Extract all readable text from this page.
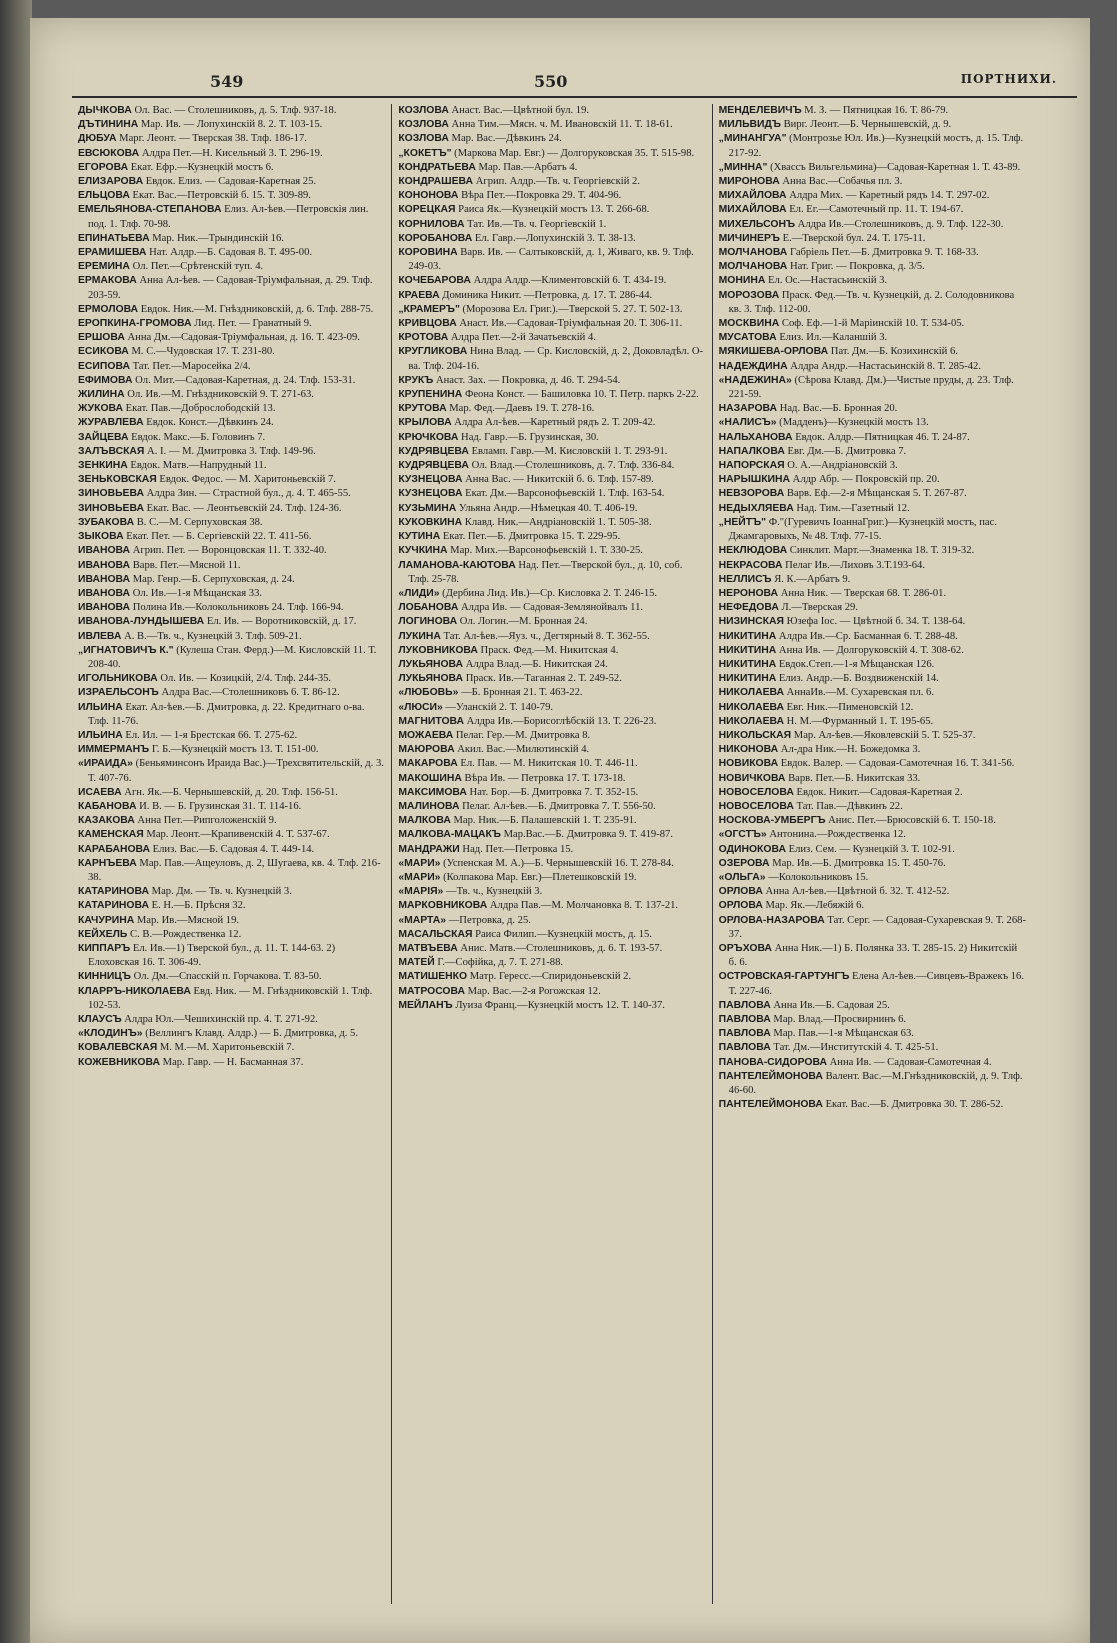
549	550	ПОРТНИХИ.

ДЫЧКОВА Ол. Вас. — Столешниковъ, д. 5. Тлф. 937-18.

ДЪТИНИНА Мар. Ив. — Лопухинскій 8. 2. Т. 103-15.

ДЮБУА Марг. Леонт. — Тверская 38. Тлф. 186-17.

ЕВСЮКОВА Алдра Пет.—Н. Кисельный 3. Т. 296-19.

ЕГОРОВА Екат. Ефр.—Кузнецкій мостъ 6.

ЕЛИЗАРОВА Евдок. Елиз. — Садовая-Каретная 25.

ЕЛЬЦОВА Екат. Вас.—Петровскій б. 15. Т. 309-89.

ЕМЕЛЬЯНОВА-СТЕПАНОВА Елиз. Ал-ѣев.—Петровскія лин. под. 1. Тлф. 70-98.

ЕПИНАТЬЕВА Мар. Ник.—Трындинскій 16.

ЕРАМИШЕВА Нат. Алдр.—Б. Садовая 8. Т. 495-00.

ЕРЕМИНА Ол. Пет.—Срѣтенскій туп. 4.

ЕРМАКОВА Анна Ал-ѣев. — Садовая-Тріумфальная, д. 29. Тлф. 203-59.

ЕРМОЛОВА Евдок. Ник.—М. Гнѣздниковскій, д. 6. Тлф. 288-75.

ЕРОПКИНА-ГРОМОВА Лид. Пет. — Гранатный 9.

ЕРШОВА Анна Дм.—Садовая-Тріумфальная, д. 16. Т. 423-09.

ЕСИКОВА М. С.—Чудовская 17. Т. 231-80.

ЕСИПОВА Тат. Пет.—Маросейка 2/4.

ЕФИМОВА Ол. Мит.—Садовая-Каретная, д. 24. Тлф. 153-31.

ЖИЛИНА Ол. Ив.—М. Гнѣздниковскій 9. Т. 271-63.

ЖУКОВА Екат. Пав.—Доброслободскій 13.

ЖУРАВЛЕВА Евдок. Конст.—Дѣвкинъ 24.

ЗАЙЦЕВА Евдок. Макс.—Б. Головинъ 7.

ЗАЛЪВСКАЯ А. І. — М. Дмитровка 3. Тлф. 149-96.

ЗЕНКИНА Евдок. Матв.—Напрудный 11.

ЗЕНЬКОВСКАЯ Евдок. Федос. — М. Харитоньевскій 7.

ЗИНОВЬЕВА Алдра Зин. — Страстной бул., д. 4. Т. 465-55.

ЗИНОВЬЕВА Екат. Вас. — Леонтьевскій 24. Тлф. 124-36.

ЗУБАКОВА В. С.—М. Серпуховская 38.

ЗЫКОВА Екат. Пет. — Б. Сергіевскій 22. Т. 411-56.

ИВАНОВА Агрип. Пет. — Воронцовская 11. Т. 332-40.

ИВАНОВА Варв. Пет.—Мясной 11.

ИВАНОВА Мар. Генр.—Б. Серпуховская, д. 24.

ИВАНОВА Ол. Ив.—1-я Мѣщанская 33.

ИВАНОВА Полина Ив.—Колокольниковъ 24. Тлф. 166-94.

ИВАНОВА-ЛУНДЫШЕВА Ел. Ив. — Воротниковскій, д. 17.

ИВЛЕВА А. В.—Тв. ч., Кузнецкій 3. Тлф. 509-21.

„ИГНАТОВИЧЪ К." (Кулеша Стан. Ферд.)—М. Кисловскій 11. Т. 208-40.

ИГОЛЬНИКОВА Ол. Ив. — Козицкій, 2/4. Тлф. 244-35.

ИЗРАЕЛЬСОНЪ Алдра Вас.—Столешниковъ 6. Т. 86-12.

ИЛЬИНА Екат. Ал-ѣев.—Б. Дмитровка, д. 22. Кредитнаго о-ва. Тлф. 11-76.

ИЛЬИНА Ел. Ил. — 1-я Брестская 66. Т. 275-62.

ИММЕРМАНЪ Г. Б.—Кузнецкій мостъ 13. Т. 151-00.

«ИРАИДА» (Беньяминсонъ Ираида Вас.)—Трехсвятительскій, д. 3. Т. 407-76.

ИСАЕВА Агн. Як.—Б. Чернышевскій, д. 20. Тлф. 156-51.

КАБАНОВА И. В. — Б. Грузинская 31. Т. 114-16.

КАЗАКОВА Анна Пет.—Рипголоженскій 9.

КАМЕНСКАЯ Мар. Леонт.—Крапивенскій 4. Т. 537-67.

КАРАБАНОВА Елиз. Вас.—Б. Садовая 4. Т. 449-14.

КАРНЪЕВА Мар. Пав.—Ащеуловъ, д. 2, Шугаева, кв. 4. Тлф. 216-38.

КАТАРИНОВА Мар. Дм. — Тв. ч. Кузнецкій 3.

КАТАРИНОВА Е. Н.—Б. Прѣсня 32.

КАЧУРИНА Мар. Ив.—Мясной 19.

КЕЙХЕЛЬ С. В.—Рождественка 12.

КИППАРЪ Ел. Ив.—1) Тверской бул., д. 11. Т. 144-63. 2) Елоховская 16. Т. 306-49.

КИННИЦЪ Ол. Дм.—Спасскій п. Горчакова. Т. 83-50.

КЛАРРЪ-НИКОЛАЕВА Евд. Ник. — М. Гнѣздниковскій 1. Тлф. 102-53.

КЛАУСЪ Алдра Юл.—Чешихинскій пр. 4. Т. 271-92.

«КЛОДИНЪ» (Веллингъ Клавд. Алдр.) — Б. Дмитровка, д. 5.

КОВАЛЕВСКАЯ М. М.—М. Харитоньевскій 7.

КОЖЕВНИКОВА Мар. Гавр. — Н. Басманная 37.

КОЗЛОВА Анаст. Вас.—Цвѣтной бул. 19.

КОЗЛОВА Анна Тим.—Мясн. ч. М. Ивановскій 11. Т. 18-61.

КОЗЛОВА Мар. Вас.—Дѣвкинъ 24.

„КОКЕТЪ" (Маркова Мар. Евг.) — Долгоруковская 35. Т. 515-98.

КОНДРАТЬЕВА Мар. Пав.—Арбатъ 4.

КОНДРАШЕВА Агрип. Алдр.—Тв. ч. Георгіевскій 2.

КОНОНОВА Вѣра Пет.—Покровка 29. Т. 404-96.

КОРЕЦКАЯ Раиса Як.—Кузнецкій мостъ 13. Т. 266-68.

КОРНИЛОВА Тат. Ив.—Тв. ч. Георгіевскій 1.

КОРОБАНОВА Ел. Гавр.—Лопухинскій 3. Т. 38-13.

КОРОВИНА Варв. Ив. — Салтыковскій, д. 1, Живаго, кв. 9. Тлф. 249-03.

КОЧЕБАРОВА Алдра Алдр.—Климентовскій 6. Т. 434-19.

КРАЕВА Доминика Никит. —Петровка, д. 17. Т. 286-44.

„КРАМЕРЪ" (Морозова Ел. Григ.).—Тверской 5. 27. Т. 502-13.

КРИВЦОВА Анаст. Ив.—Садовая-Тріумфальная 20. Т. 306-11.

КРОТОВА Алдра Пет.—2-й Зачатьевскій 4.

КРУГЛИКОВА Нина Влад. — Ср. Кисловскій, д. 2, Доковладѣл. О-ва. Тлф. 204-16.

КРУКЪ Анаст. Зах. — Покровка, д. 46. Т. 294-54.

КРУПЕНИНА Феона Конст. — Башиловка 10. Т. Петр. паркъ 2-22.

КРУТОВА Мар. Фед.—Даевъ 19. Т. 278-16.

КРЫЛОВА Алдра Ал-ѣев.—Каретный рядъ 2. Т. 209-42.

КРЮЧКОВА Над. Гавр.—Б. Грузинская, 30.

КУДРЯВЦЕВА Евламп. Гавр.—М. Кисловскій 1. Т. 293-91.

КУДРЯВЦЕВА Ол. Влад.—Столешниковъ, д. 7. Тлф. 336-84.

КУЗНЕЦОВА Анна Вас. — Никитскій б. 6. Тлф. 157-89.

КУЗНЕЦОВА Екат. Дм.—Варсонофьевскій 1. Тлф. 163-54.

КУЗЬМИНА Ульяна Андр.—Нѣмецкая 40. Т. 406-19.

КУКОВКИНА Клавд. Ник.—Андріановскій 1. Т. 505-38.

КУТИНА Екат. Пет.—Б. Дмитровка 15. Т. 229-95.

КУЧКИНА Мар. Мих.—Варсонофьевскій 1. Т. 330-25.

ЛАМАНОВА-КАЮТОВА Над. Пет.—Тверской бул., д. 10, соб. Тлф. 25-78.

«ЛИДИ» (Дербина Лид. Ив.)—Ср. Кисловка 2. Т. 246-15.

ЛОБАНОВА Алдра Ив. — Садовая-Землянойвалъ 11.

ЛОГИНОВА Ол. Логин.—М. Бронная 24.

ЛУКИНА Тат. Ал-ѣев.—Яуз. ч., Дегтярный 8. Т. 362-55.

ЛУКОВНИКОВА Праск. Фед.—М. Никитская 4.

ЛУКЬЯНОВА Алдра Влад.—Б. Никитская 24.

ЛУКЬЯНОВА Праск. Ив.—Таганная 2. Т. 249-52.

«ЛЮБОВЬ» —Б. Бронная 21. Т. 463-22.

«ЛЮСИ» —Уланскій 2. Т. 140-79.

МАГНИТОВА Алдра Ив.—Борисоглѣбскій 13. Т. 226-23.

МОЖАЕВА Пелаг. Гер.—М. Дмитровка 8.

МАЮРОВА Акил. Вас.—Милютинскій 4.

МАКАРОВА Ел. Пав. — М. Никитская 10. Т. 446-11.

МАКОШИНА Вѣра Ив. — Петровка 17. Т. 173-18.

МАКСИМОВА Нат. Бор.—Б. Дмитровка 7. Т. 352-15.

МАЛИНОВА Пелаг. Ал-ѣев.—Б. Дмитровка 7. Т. 556-50.

МАЛКОВА Мар. Ник.—Б. Палашевскій 1. Т. 235-91.

МАЛКОВА-МАЦАКЪ Мар.Вас.—Б. Дмитровка 9. Т. 419-87.

МАНДРАЖИ Над. Пет.—Петровка 15.

«МАРИ» (Успенская М. А.)—Б. Чернышевскій 16. Т. 278-84.

«МАРИ» (Колпакова Мар. Евг.)—Плетешковскій 19.

«МАРІЯ» —Тв. ч., Кузнецкій 3.

МАРКОВНИКОВА Алдра Пав.—М. Молчановка 8. Т. 137-21.

«МАРТА» —Петровка, д. 25.

МАСАЛЬСКАЯ Раиса Филип.—Кузнецкій мостъ, д. 15.

МАТВЪЕВА Анис. Матв.—Столешниковъ, д. 6. Т. 193-57.

МАТЕЙ Г.—Софійка, д. 7. Т. 271-88.

МАТИШЕНКО Матр. Гересс.—Спиридоньевскій 2.

МАТРОСОВА Мар. Вас.—2-я Рогожская 12.

МЕЙЛАНЪ Луиза Франц.—Кузнецкій мостъ 12. Т. 140-37.

МЕНДЕЛЕВИЧЪ М. З. — Пятницкая 16. Т. 86-79.

МИЛЬВИДЪ Вирг. Леонт.—Б. Чернышевскій, д. 9.

„МИНАНГУА" (Монтрозье Юл. Ив.)—Кузнецкій мостъ, д. 15. Тлф. 217-92.

„МИННА" (Хвассъ Вильгельмина)—Садовая-Каретная 1. Т. 43-89.

МИРОНОВА Анна Вас.—Собачья пл. 3.

МИХАЙЛОВА Алдра Мих. — Каретный рядъ 14. Т. 297-02.

МИХАЙЛОВА Ел. Ег.—Самотечный пр. 11. Т. 194-67.

МИХЕЛЬСОНЪ Алдра Ив.—Столешниковъ, д. 9. Тлф. 122-30.

МИЧИНЕРЪ Е.—Тверской бул. 24. Т. 175-11.

МОЛЧАНОВА Габріель Пет.—Б. Дмитровка 9. Т. 168-33.

МОЛЧАНОВА Нат. Григ. — Покровка, д. 3/5.

МОНИНА Ел. Ос.—Настасьинскій 3.

МОРОЗОВА Праск. Фед.—Тв. ч. Кузнецкій, д. 2. Солодовникова кв. 3. Тлф. 112-00.

МОСКВИНА Соф. Еф.—1-й Маріинскій 10. Т. 534-05.

МУСАТОВА Елиз. Ил.—Каланшій 3.

МЯКИШЕВА-ОРЛОВА Пат. Дм.—Б. Козихинскій 6.

НАДЕЖДИНА Алдра Андр.—Настасьинскій 8. Т. 285-42.

«НАДЕЖИНА» (Сѣрова Клавд. Дм.)—Чистые пруды, д. 23. Тлф. 221-59.

НАЗАРОВА Над. Вас.—Б. Бронная 20.

«НАЛИСЪ» (Мадденъ)—Кузнецкій мостъ 13.

НАЛЬХАНОВА Евдок. Алдр.—Пятницкая 46. Т. 24-87.

НАПАЛКОВА Евг. Дм.—Б. Дмитровка 7.

НАПОРСКАЯ О. А.—Андріановскій 3.

НАРЫШКИНА Алдр Абр. — Покровскій пр. 20.

НЕВЗОРОВА Варв. Еф.—2-я Мѣщанская 5. Т. 267-87.

НЕДЫХЛЯЕВА Над. Тим.—Газетный 12.

„НЕЙТЪ" Ф."(Гуревичъ ІоаннаГриг.)—Кузнецкій мостъ, пас. Джамгаровыхъ, № 48. Тлф. 77-15.

НЕКЛЮДОВА Синклит. Март.—Знаменка 18. Т. 319-32.

НЕКРАСОВА Пелаг Ив.—Лиховъ 3.Т.193-64.

НЕЛЛИСЪ Я. К.—Арбатъ 9.

НЕРОНОВА Анна Ник. — Тверская 68. Т. 286-01.

НЕФЕДОВА Л.—Тверская 29.

НИЗИНСКАЯ Юзефа Іос. — Цвѣтной б. 34. Т. 138-64.

НИКИТИНА Алдра Ив.—Ср. Басманная 6. Т. 288-48.

НИКИТИНА Анна Ив. — Долгоруковскій 4. Т. 308-62.

НИКИТИНА Евдок.Степ.—1-я Мѣщанская 126.

НИКИТИНА Елиз. Андр.—Б. Воздвиженскій 14.

НИКОЛАЕВА АннаИв.—М. Сухаревская пл. 6.

НИКОЛАЕВА Евг. Ник.—Пименовскій 12.

НИКОЛАЕВА Н. М.—Фурманный 1. Т. 195-65.

НИКОЛЬСКАЯ Мар. Ал-ѣев.—Яковлевскій 5. Т. 525-37.

НИКОНОВА Ал-дра Ник.—Н. Божедомка 3.

НОВИКОВА Евдок. Валер. — Садовая-Самотечная 16. Т. 341-56.

НОВИЧКОВА Варв. Пет.—Б. Никитская 33.

НОВОСЕЛОВА Евдок. Никит.—Садовая-Каретная 2.

НОВОСЕЛОВА Тат. Пав.—Дѣвкинъ 22.

НОСКОВА-УМБЕРГЪ Анис. Пет.—Брюсовскій 6. Т. 150-18.

«ОГСТЪ» Антонина.—Рождественка 12.

ОДИНОКОВА Елиз. Сем. — Кузнецкій 3. Т. 102-91.

ОЗЕРОВА Мар. Ив.—Б. Дмитровка 15. Т. 450-76.

«ОЛЬГА» —Колокольниковъ 15.

ОРЛОВА Анна Ал-ѣев.—Цвѣтной б. 32. Т. 412-52.

ОРЛОВА Мар. Як.—Лебяжій 6.

ОРЛОВА-НАЗАРОВА Тат. Серг. — Садовая-Сухаревская 9. Т. 268-37.

ОРЪХОВА Анна Ник.—1) Б. Полянка 33. Т. 285-15. 2) Никитскій б. 6.

ОСТРОВСКАЯ-ГАРТУНГЪ Елена Ал-ѣев.—Сивцевъ-Вражекъ 16. Т. 227-46.

ПАВЛОВА Анна Ив.—Б. Садовая 25.

ПАВЛОВА Мар. Влад.—Просвирнинъ 6.

ПАВЛОВА Мар. Пав.—1-я Мѣщанская 63.

ПАВЛОВА Тат. Дм.—Институтскій 4. Т. 425-51.

ПАНОВА-СИДОРОВА Анна Ив. — Садовая-Самотечная 4.

ПАНТЕЛЕЙМОНОВА Валент. Вас.—М.Гнѣздниковскій, д. 9. Тлф. 46-60.

ПАНТЕЛЕЙМОНОВА Екат. Вас.—Б. Дмитровка 30. Т. 286-52.
